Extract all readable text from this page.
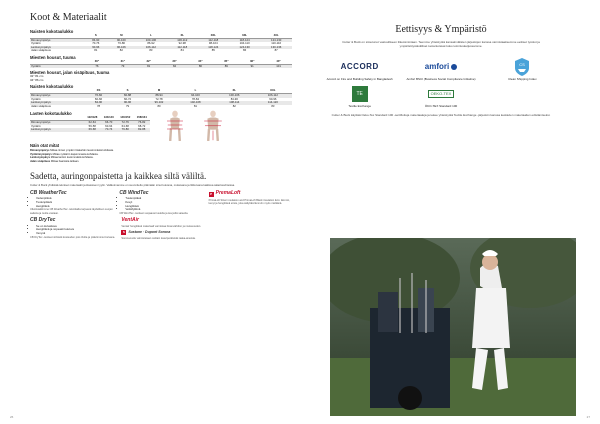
Koot & Materiaalit
Naisten kokotaulukko
	S	M	L	XL	XXL	3XL	4XL
Rinnanympärys	84-90	90-100	100-106	106-112	112-118	118-124	124-130
Vyötärö	70-76	76-86	86-92	92-98	98-104	104-110	110-116
Lantionympärys	90-96	96-106	106-112	112-118	118-124	124-130	130-136
Jalan sisäpituus	81	82	83	84	85	86	87
Miesten housut, tuuma
	30"	31"	32"	33"	34"	35"	36"	40"
Vyötärö	76	79	81	84	86	89	91	101
Miesten housut, jalan sisäpituus, tuuma
32" 81 cm
34" 86 cm
Naisten kokotaulukko
	XS	S	M	L	XL	XXL
Rinnanympärys	76-82	82-88	88-94	94-100	100-106	106-112
Vyötärö	60-66	66-72	72-78	78-84	84-90	90-96
Lantionympärys	84-90	90-96	96-102	102-108	108-114	114-120
Jalan sisäpituus	78	79	80	81	82	83
Lasten kokotaulukko
	122/128	134/140	146/152	158/164
Rinnanympärys	62-64	66-70	72-76	76-82
Vyötärö	56-58	60-64	64-68	68-72
Lantionympärys	66-68	70-74	76-80	82-88
Näin otat mitat
Rinnanympärys Mittaa rinnan ympäri rintakehän leveimmästä kohdasta.
Vyötärönympärys Mittaa vyötärön kapeimmasta kohdasta.
Lantionympärys Mittaa lantion leveimmästä kohdasta.
Jalan sisäpituus Mittaa haaroista lattiaan.
Sadetta, auringonpaistetta ja kaikkea siltä väliltä.
Cutter & Buck yhdistää tekniset materiaalit ja klassisen tyylin. Valikoimamme on suunniteltu pitämään sinut kuivana, mukavana ja liikkuvana kaikissa sääolosuhteissa.
CB WeatherTec
• Vedenpitävä
• Tuulenpitävä
• Hengittävä
Ulkoilutakkimme CB WeatherTec -tekniikalla tarjoavat täydellisen suojan sadetta ja tuulta vastaan.
CB WindTec
• Tuulenpitävä
• Kevyt
• Hengittävä
• Vettähylkivä
CB WindTec -tuotteet suojaavat tuulelta ja kevyeltä sateelta.
P PremaLoft
PrimaLoft Silver insulation and PrimaLoft Black insulation Eco: lämmin, kevyt ja hengittävä eriste, joka säilyttää lämmön myös märkänä.
CB DryTec
• Se on kuivattava
• Hengittävä ja nopeasti kuivuva
• Venyvä
CB DryTec -tuotteet siirtävät kosteuden pois iholta ja pitävät sinut kuivana.
VentAir
Ventair hengittävä materiaali varmistaa ilmanvaihdon ja mukavuuden.
S	Sustane · Dupont Sorona
Sorona-kuitu valmistetaan osittain kasviperäisistä raaka-aineista.
26
Eettisyys & Ympäristö
Cutter & Buck on sitoutunut vastuulliseen liiketoimintaan. Teemme yhteistyötä kansainvälisten järjestöjen kanssa varmistaaksemme eettiset työolot ja ympäristöystävälliset tuotantotavat koko toimitusketjussamme.
ACCORD
Accord on Fire and Building Safety in Bangladesh
amfori
Amfori BSCI (Business Social Compliance Initiative)
CS
Clean Shipping Index
TE
Textile Exchange
OEKO-TEX
ÖKO-TEX Standard 100
Cutter & Buck käyttää Oeko-Tex Standard 100 -sertifioituja materiaaleja ja tekee yhteistyötä Textile Exchange -järjestön kanssa kestävien materiaalien edistämiseksi.
27
